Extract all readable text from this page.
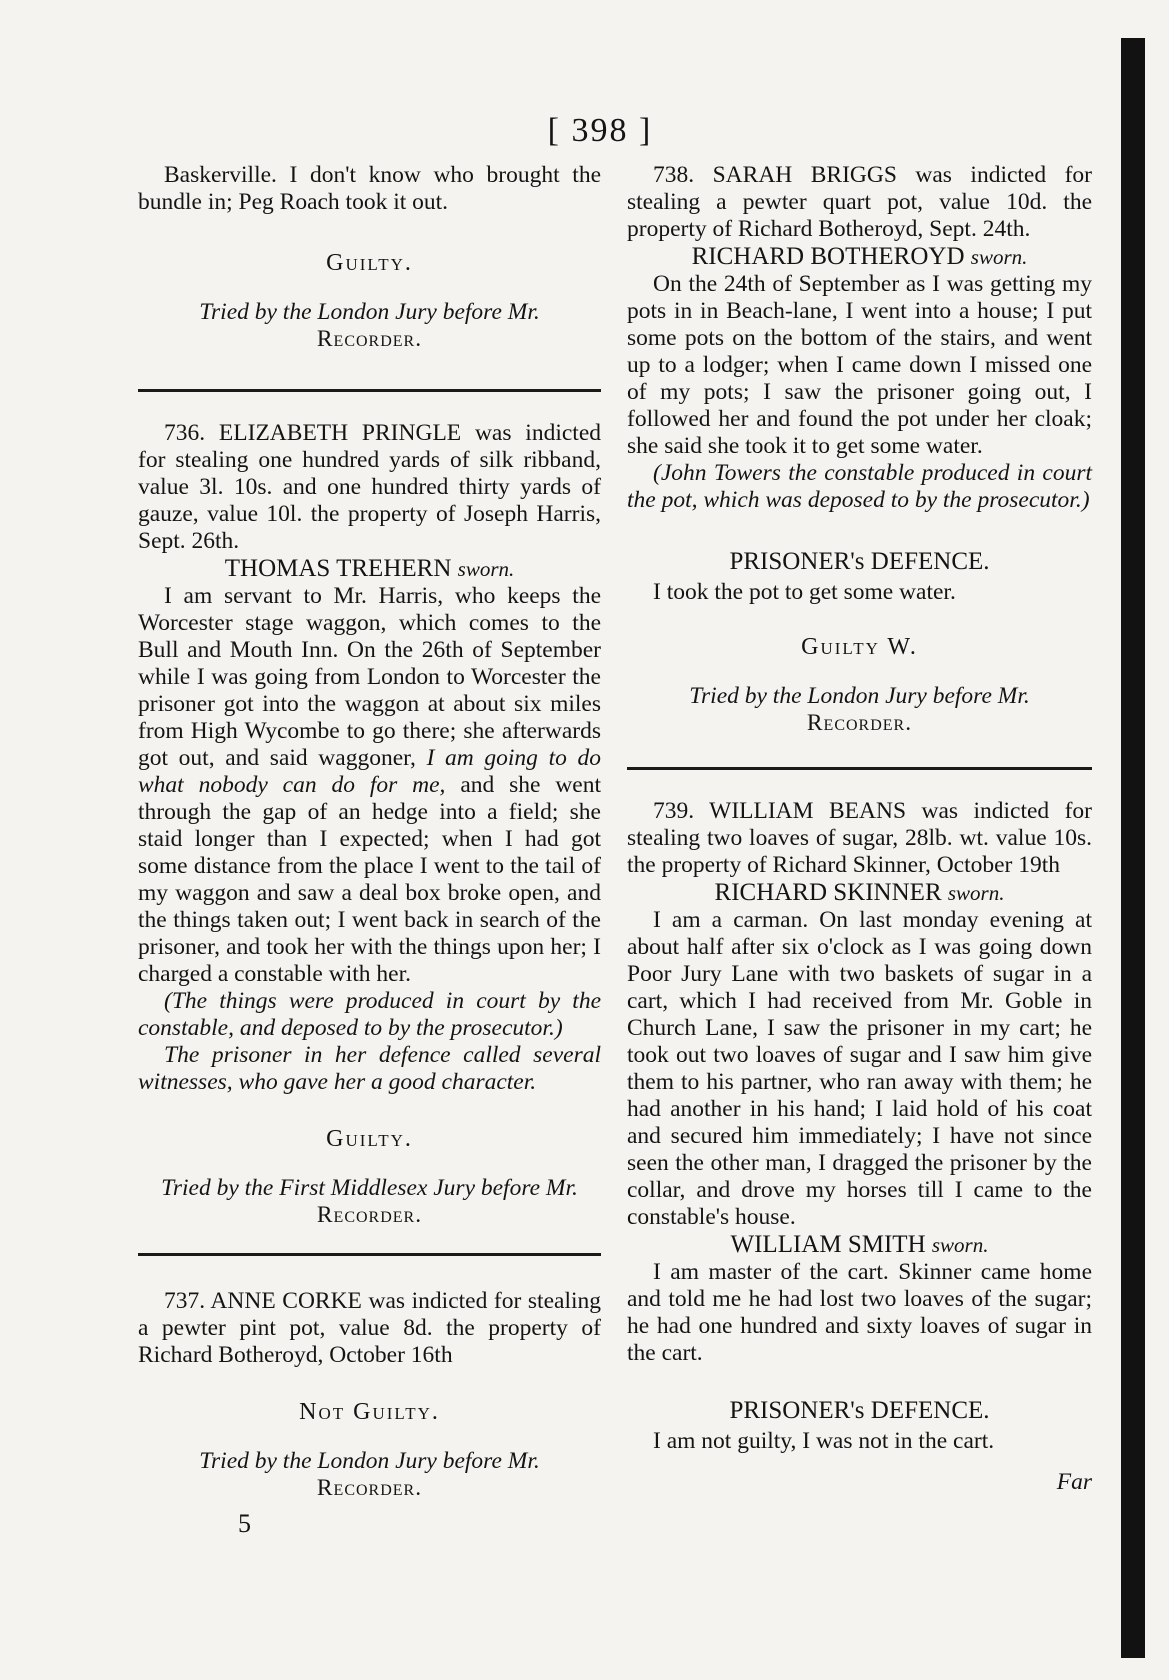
[ 398 ]

Baskerville. I don't know who brought the bundle in; Peg Roach took it out.

Guilty.

Tried by the London Jury before Mr.

Recorder.

736. ELIZABETH PRINGLE was indicted for stealing one hundred yards of silk ribband, value 3l. 10s. and one hundred thirty yards of gauze, value 10l. the property of Joseph Harris, Sept. 26th.

THOMAS TREHERN sworn.

I am servant to Mr. Harris, who keeps the Worcester stage waggon, which comes to the Bull and Mouth Inn. On the 26th of September while I was going from London to Worcester the prisoner got into the waggon at about six miles from High Wycombe to go there; she afterwards got out, and said waggoner, I am going to do what nobody can do for me, and she went through the gap of an hedge into a field; she staid longer than I expected; when I had got some distance from the place I went to the tail of my waggon and saw a deal box broke open, and the things taken out; I went back in search of the prisoner, and took her with the things upon her; I charged a constable with her.

(The things were produced in court by the constable, and deposed to by the prosecutor.)

The prisoner in her defence called several witnesses, who gave her a good character.

Guilty.

Tried by the First Middlesex Jury before Mr.

Recorder.

737. ANNE CORKE was indicted for stealing a pewter pint pot, value 8d. the property of Richard Botheroyd, October 16th

Not Guilty.

Tried by the London Jury before Mr.

Recorder.

5

738. SARAH BRIGGS was indicted for stealing a pewter quart pot, value 10d. the property of Richard Botheroyd, Sept. 24th.

RICHARD BOTHEROYD sworn.

On the 24th of September as I was getting my pots in in Beach-lane, I went into a house; I put some pots on the bottom of the stairs, and went up to a lodger; when I came down I missed one of my pots; I saw the prisoner going out, I followed her and found the pot under her cloak; she said she took it to get some water.

(John Towers the constable produced in court the pot, which was deposed to by the prosecutor.)

PRISONER's DEFENCE.

I took the pot to get some water.

Guilty W.

Tried by the London Jury before Mr.

Recorder.

739. WILLIAM BEANS was indicted for stealing two loaves of sugar, 28lb. wt. value 10s. the property of Richard Skinner, October 19th

RICHARD SKINNER sworn.

I am a carman. On last monday evening at about half after six o'clock as I was going down Poor Jury Lane with two baskets of sugar in a cart, which I had received from Mr. Goble in Church Lane, I saw the prisoner in my cart; he took out two loaves of sugar and I saw him give them to his partner, who ran away with them; he had another in his hand; I laid hold of his coat and secured him immediately; I have not since seen the other man, I dragged the prisoner by the collar, and drove my horses till I came to the constable's house.

WILLIAM SMITH sworn.

I am master of the cart. Skinner came home and told me he had lost two loaves of the sugar; he had one hundred and sixty loaves of sugar in the cart.

PRISONER's DEFENCE.

I am not guilty, I was not in the cart.

Far
